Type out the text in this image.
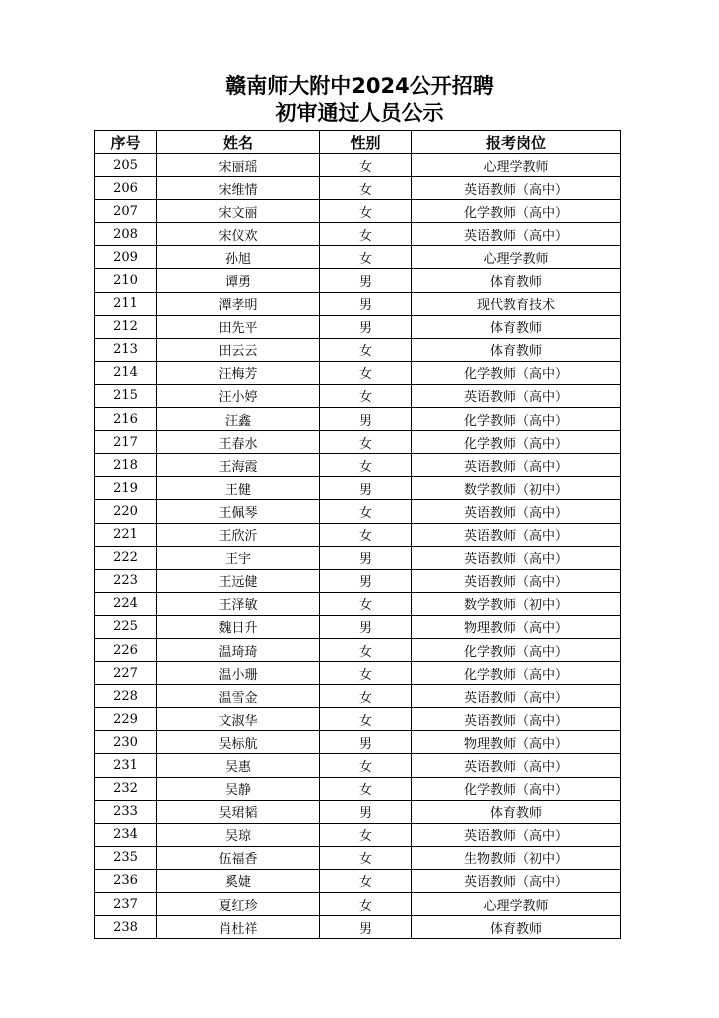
赣南师大附中2024公开招聘
初审通过人员公示
序号	姓名	性别	报考岗位
205	宋丽瑶	女	心理学教师
206	宋维情	女	英语教师（高中）
207	宋文丽	女	化学教师（高中）
208	宋仪欢	女	英语教师（高中）
209	孙旭	女	心理学教师
210	谭勇	男	体育教师
211	潭孝明	男	现代教育技术
212	田先平	男	体育教师
213	田云云	女	体育教师
214	汪梅芳	女	化学教师（高中）
215	汪小婷	女	英语教师（高中）
216	汪鑫	男	化学教师（高中）
217	王春水	女	化学教师（高中）
218	王海霞	女	英语教师（高中）
219	王健	男	数学教师（初中）
220	王佩琴	女	英语教师（高中）
221	王欣沂	女	英语教师（高中）
222	王宇	男	英语教师（高中）
223	王远健	男	英语教师（高中）
224	王泽敏	女	数学教师（初中）
225	魏日升	男	物理教师（高中）
226	温琦琦	女	化学教师（高中）
227	温小珊	女	化学教师（高中）
228	温雪金	女	英语教师（高中）
229	文淑华	女	英语教师（高中）
230	吴标航	男	物理教师（高中）
231	吴惠	女	英语教师（高中）
232	吴静	女	化学教师（高中）
233	吴珺韬	男	体育教师
234	吴琼	女	英语教师（高中）
235	伍福香	女	生物教师（初中）
236	奚婕	女	英语教师（高中）
237	夏红珍	女	心理学教师
238	肖杜祥	男	体育教师
